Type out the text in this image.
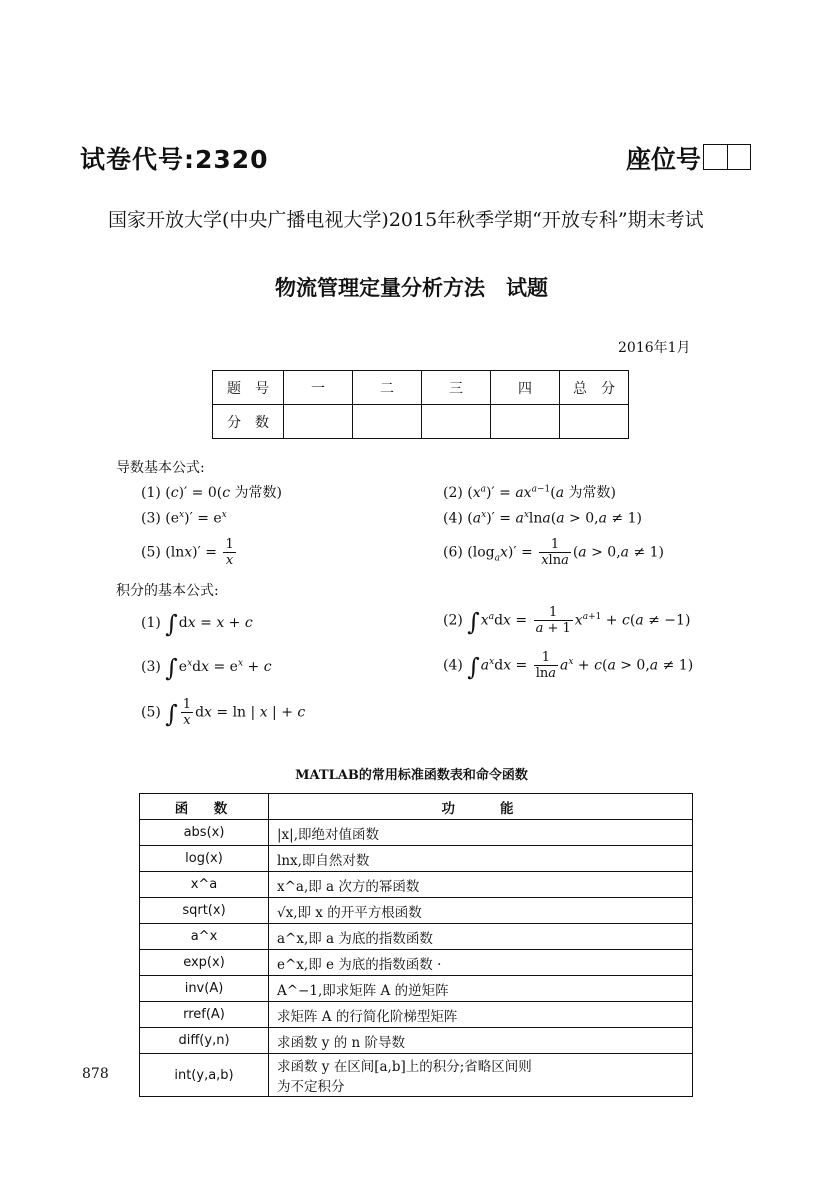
试卷代号:2320	座位号
国家开放大学(中央广播电视大学)2015年秋季学期“开放专科”期末考试
物流管理定量分析方法　试题
2016年1月
题　号	一	二	三	四	总　分
分　数					
导数基本公式:
(1) (c)′ = 0(c 为常数)	(2) $(x^a)' = ax^{a-1}(a$ 为常数)
(3) $(e^x)' = e^x$	(4) $(a^x)' = a^x\ln a(a > 0,a \ne 1)$
(5) $(\ln x)' = \frac{1}{x}$	(6) $(\log_ax)' = \frac{1}{xlna} (a > 0,a \ne 1)$
积分的基本公式:
(1) ∫dx = x + c	(2) $\int x^adx = \frac{1}{a + 1} x^{a+1} + c(a \ne -1)$
(3) $\int e^xdx = e^x + c$	(4) $\int a^xdx = \frac{1}{\ln a} a^x + c(a > 0,a \ne 1)$
(5) ∫ $\frac{1}{x}$ dx = ln | x | + c
MATLAB的常用标准函数表和命令函数
函　数	功　　能
abs(x)	|x|,即绝对值函数
log(x)	lnx,即自然对数
x^a	x^a,即 a 次方的幂函数
sqrt(x)	√x,即 x 的开平方根函数
a^x	a^x,即 a 为底的指数函数
exp(x)	e^x,即 e 为底的指数函数 ·
inv(A)	A^−1,即求矩阵 A 的逆矩阵
rref(A)	求矩阵 A 的行简化阶梯型矩阵
diff(y,n)	求函数 y 的 n 阶导数
int(y,a,b)	求函数 y 在区间[a,b]上的积分;省略区间则
为不定积分
878
